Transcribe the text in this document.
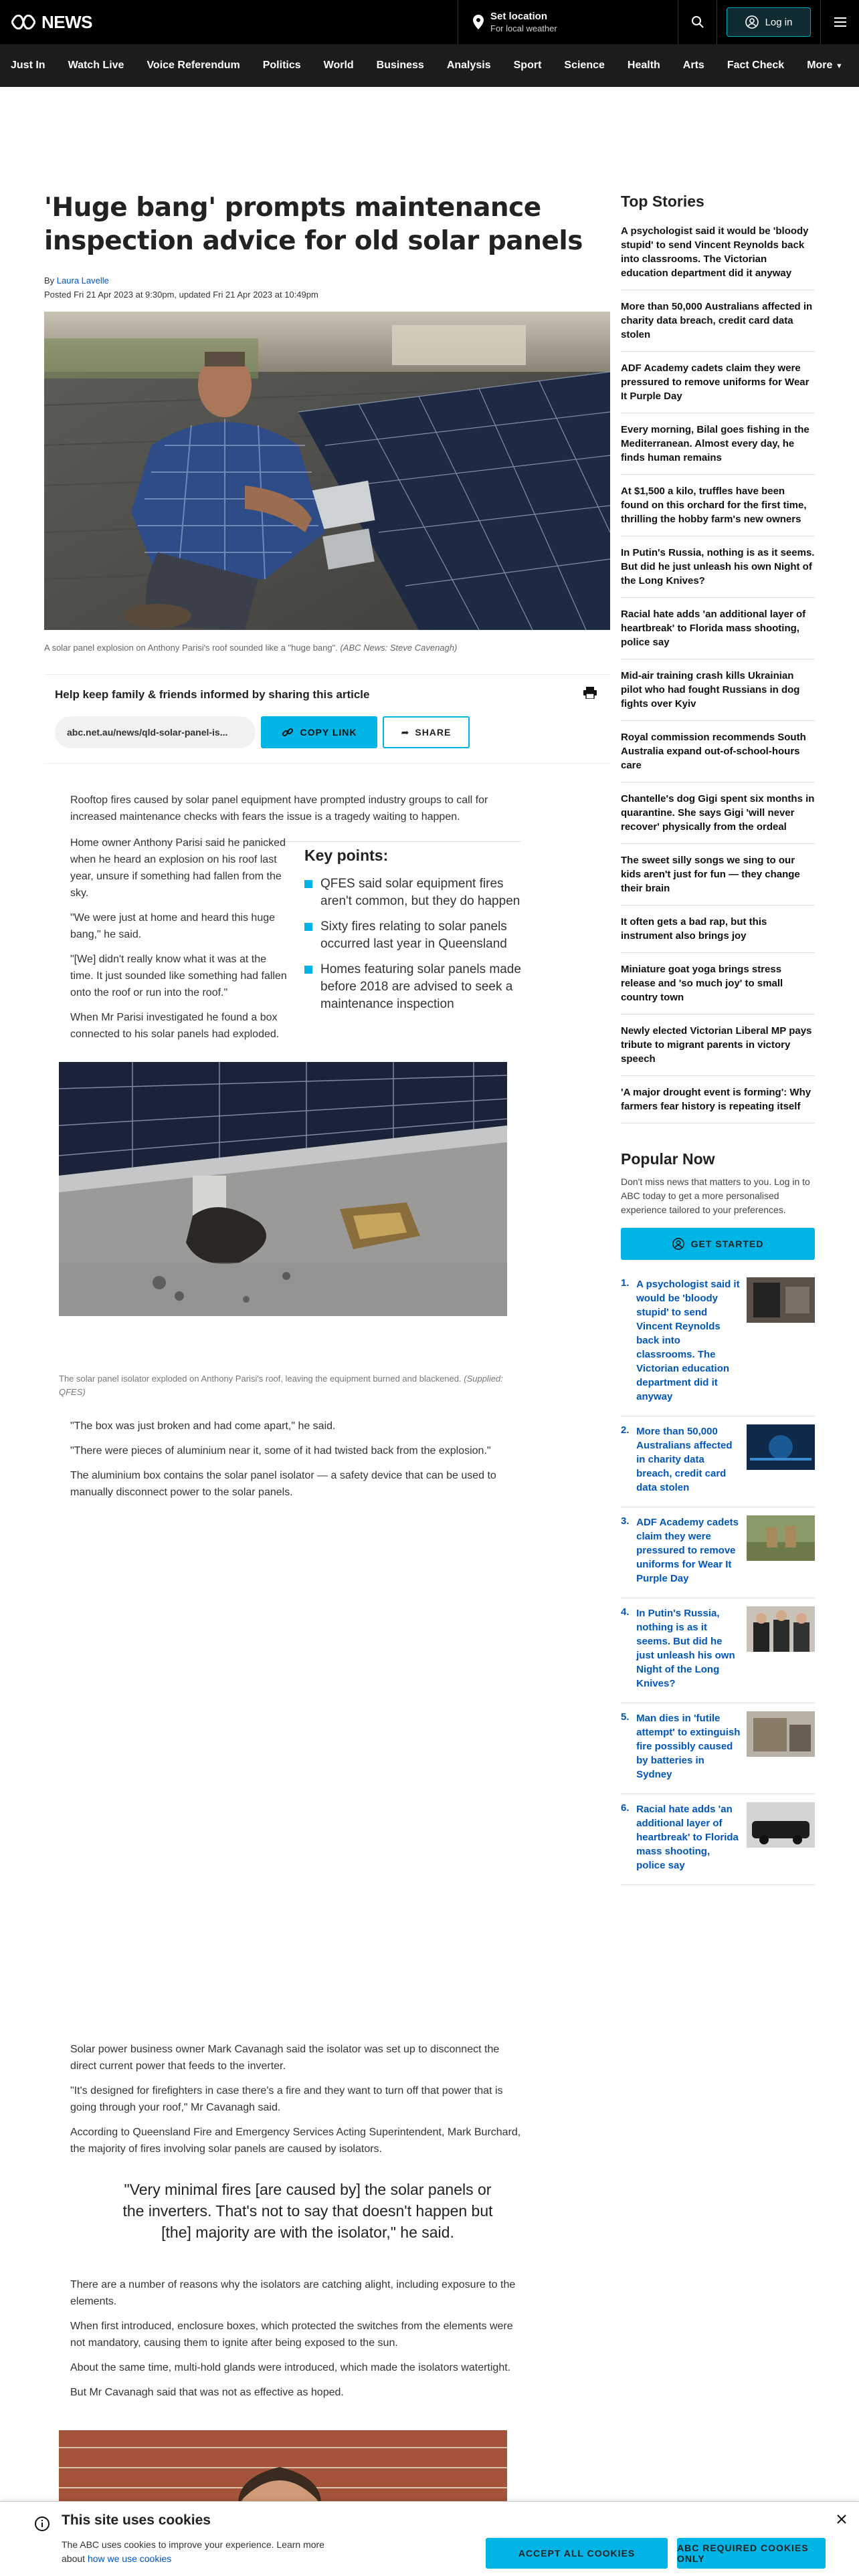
NEWS	Set location
For local weather
Log in
Just In Watch Live Voice Referendum Politics World Business Analysis Sport Science Health Arts Fact Check More ▼
'Huge bang' prompts maintenance inspection advice for old solar panels
By Laura Lavelle
Posted Fri 21 Apr 2023 at 9:30pm, updated Fri 21 Apr 2023 at 10:49pm
A solar panel explosion on Anthony Parisi's roof sounded like a "huge bang". (ABC News: Steve Cavenagh)
Help keep family & friends informed by sharing this article
abc.net.au/news/qld-solar-panel-is...	COPY LINK	➦ SHARE

Rooftop fires caused by solar panel equipment have prompted industry groups to call for increased maintenance checks with fears the issue is a tragedy waiting to happen.

Home owner Anthony Parisi said he panicked when he heard an explosion on his roof last year, unsure if something had fallen from the sky.

"We were just at home and heard this huge bang," he said.

"[We] didn't really know what it was at the time. It just sounded like something had fallen onto the roof or run into the roof."

When Mr Parisi investigated he found a box connected to his solar panels had exploded.

Key points:
QFES said solar equipment fires aren't common, but they do happen
Sixty fires relating to solar panels occurred last year in Queensland
Homes featuring solar panels made before 2018 are advised to seek a maintenance inspection
The solar panel isolator exploded on Anthony Parisi's roof, leaving the equipment burned and blackened. (Supplied: QFES)

"The box was just broken and had come apart," he said.

"There were pieces of aluminium near it, some of it had twisted back from the explosion."

The aluminium box contains the solar panel isolator — a safety device that can be used to manually disconnect power to the solar panels.

Solar power business owner Mark Cavanagh said the isolator was set up to disconnect the direct current power that feeds to the inverter.

"It's designed for firefighters in case there's a fire and they want to turn off that power that is going through your roof," Mr Cavanagh said.

According to Queensland Fire and Emergency Services Acting Superintendent, Mark Burchard, the majority of fires involving solar panels are caused by isolators.

"Very minimal fires [are caused by] the solar panels or the inverters. That's not to say that doesn't happen but [the] majority are with the isolator," he said.

There are a number of reasons why the isolators are catching alight, including exposure to the elements.

When first introduced, enclosure boxes, which protected the switches from the elements were not mandatory, causing them to ignite after being exposed to the sun.

About the same time, multi-hold glands were introduced, which made the isolators watertight.

But Mr Cavanagh said that was not as effective as hoped.

Top Stories
A psychologist said it would be 'bloody stupid' to send Vincent Reynolds back into classrooms. The Victorian education department did it anyway
More than 50,000 Australians affected in charity data breach, credit card data stolen
ADF Academy cadets claim they were pressured to remove uniforms for Wear It Purple Day
Every morning, Bilal goes fishing in the Mediterranean. Almost every day, he finds human remains
At $1,500 a kilo, truffles have been found on this orchard for the first time, thrilling the hobby farm's new owners
In Putin's Russia, nothing is as it seems. But did he just unleash his own Night of the Long Knives?
Racial hate adds 'an additional layer of heartbreak' to Florida mass shooting, police say
Mid-air training crash kills Ukrainian pilot who had fought Russians in dog fights over Kyiv
Royal commission recommends South Australia expand out-of-school-hours care
Chantelle's dog Gigi spent six months in quarantine. She says Gigi 'will never recover' physically from the ordeal
The sweet silly songs we sing to our kids aren't just for fun — they change their brain
It often gets a bad rap, but this instrument also brings joy
Miniature goat yoga brings stress release and 'so much joy' to small country town
Newly elected Victorian Liberal MP pays tribute to migrant parents in victory speech
'A major drought event is forming': Why farmers fear history is repeating itself
Popular Now
Don't miss news that matters to you. Log in to ABC today to get a more personalised experience tailored to your preferences.
GET STARTED
1. A psychologist said it would be 'bloody stupid' to send Vincent Reynolds back into classrooms. The Victorian education department did it anyway
2. More than 50,000 Australians affected in charity data breach, credit card data stolen
3. ADF Academy cadets claim they were pressured to remove uniforms for Wear It Purple Day
4. In Putin's Russia, nothing is as it seems. But did he just unleash his own Night of the Long Knives?
5. Man dies in 'futile attempt' to extinguish fire possibly caused by batteries in Sydney
6. Racial hate adds 'an additional layer of heartbreak' to Florida mass shooting, police say
This site uses cookies
The ABC uses cookies to improve your experience. Learn more about how we use cookies	ACCEPT ALL COOKIES	ABC REQUIRED COOKIES ONLY
